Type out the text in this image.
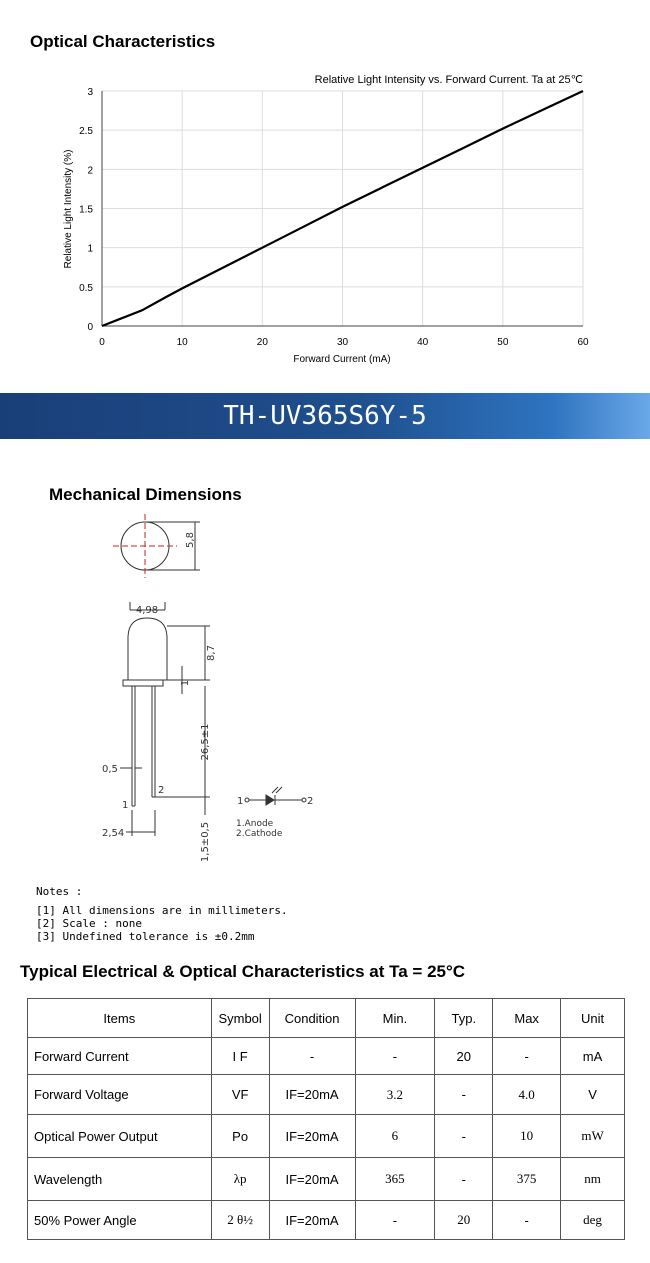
Optical Characteristics
0	10	20	30	40	50	60
0
0.5
1
1.5
2
2.5
3
Relative Light Intensity vs. Forward Current. Ta at 25℃
Forward Current (mA)
Relative Light Intensity (%)
TH-UV365S6Y-5
Mechanical Dimensions
5,8
4,98
8,7
1
26,5±1
1,5±0,5
0,5
2
1
2,54
1	2
1.Anode
2.Cathode
Notes :
[1] All dimensions are in millimeters.
[2] Scale : none
[3] Undefined tolerance is ±0.2mm
Typical Electrical & Optical Characteristics at Ta = 25°C
Items	Symbol	Condition	Min.	Typ.	Max	Unit
Forward Current	I F	-	-	20	-	mA
Forward Voltage	VF	IF=20mA	3.2	-	4.0	V
Optical Power Output	Po	IF=20mA	6	-	10	mW
Wavelength	λp	IF=20mA	365	-	375	nm
50% Power Angle	2 θ½	IF=20mA	-	20	-	deg
